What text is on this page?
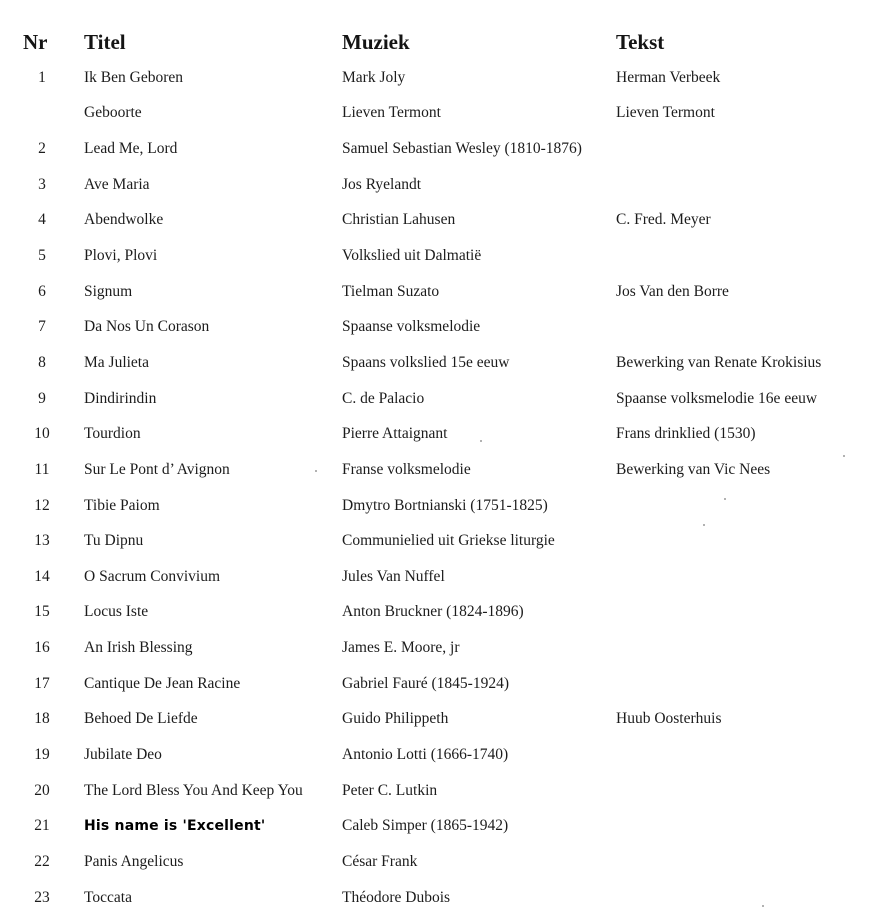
Nr	Titel	Muziek	Tekst
1	Ik Ben Geboren	Mark Joly	Herman Verbeek
	Geboorte	Lieven Termont	Lieven Termont
2	Lead Me, Lord	Samuel Sebastian Wesley (1810-1876)	
3	Ave Maria	Jos Ryelandt	
4	Abendwolke	Christian Lahusen	C. Fred. Meyer
5	Plovi, Plovi	Volkslied uit Dalmatië	
6	Signum	Tielman Suzato	Jos Van den Borre
7	Da Nos Un Corason	Spaanse volksmelodie	
8	Ma Julieta	Spaans volkslied 15e eeuw	Bewerking van Renate Krokisius
9	Dindirindin	C. de Palacio	Spaanse volksmelodie 16e eeuw
10	Tourdion	Pierre Attaignant	Frans drinklied (1530)
11	Sur Le Pont d’ Avignon	Franse volksmelodie	Bewerking van Vic Nees
12	Tibie Paiom	Dmytro Bortnianski (1751-1825)	
13	Tu Dipnu	Communielied uit Griekse liturgie	
14	O Sacrum Convivium	Jules Van Nuffel	
15	Locus Iste	Anton Bruckner (1824-1896)	
16	An Irish Blessing	James E. Moore, jr	
17	Cantique De Jean Racine	Gabriel Fauré (1845-1924)	
18	Behoed De Liefde	Guido Philippeth	Huub Oosterhuis
19	Jubilate Deo	Antonio Lotti (1666-1740)	
20	The Lord Bless You And Keep You	Peter C. Lutkin	
21	His name is 'Excellent'	Caleb Simper (1865-1942)	
22	Panis Angelicus	César Frank	
23	Toccata	Théodore Dubois	
